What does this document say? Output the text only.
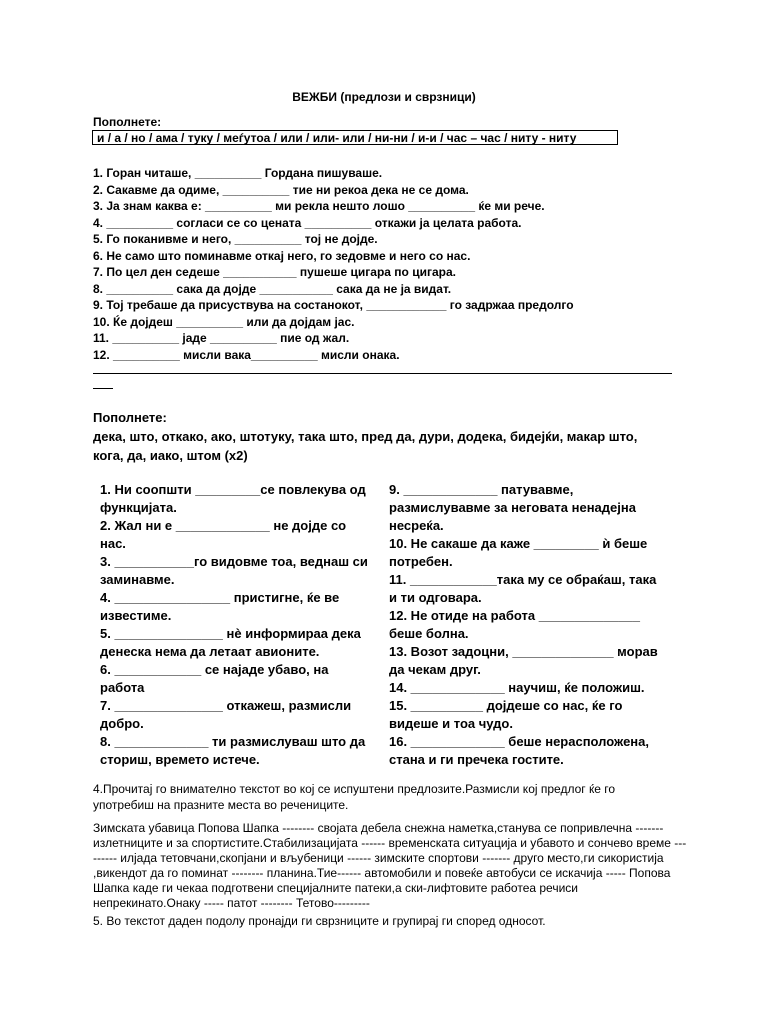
ВЕЖБИ (предлози и сврзници)
Пополнете:
и / а / но / ама / туку / меѓутоа / или / или- или / ни-ни / и-и / час – час / ниту - ниту
1. Горан читаше, __________ Гордана пишуваше.
2. Сакавме да одиме, __________ тие ни рекоа дека не се дома.
3. Ја знам каква е: __________ ми рекла нешто лошо __________ ќе ми рече.
4. __________ согласи се со цената __________ откажи ја целата работа.
5. Го поканивме и него, __________ тој не дојде.
6. Не само што поминавме откај него, го зедовме и него со нас.
7. По цел ден седеше ___________ пушеше цигара по цигара.
8. __________ сака да дојде ___________ сака да не ја видат.
9. Тој требаше да присуствува на состанокот, ____________ го задржаа предолго
10. Ќе дојдеш __________ или да дојдам јас.
11. __________ јаде __________ пие од жал.
12. __________ мисли вака__________ мисли онака.
Пополнете:
дека, што, откако, ако, штотуку, така што, пред да, дури, додека, бидејќи, макар што, кога, да, иако, штом (x2)
1. Ни соопшти _________се повлекува од функцијата.
2. Жал ни е _____________ не дојде со нас.
3. ___________го видовме тоа, веднаш си заминавме.
4. ________________ пристигне, ќе ве известиме.
5. _______________ нè информираа дека денеска нема да летаат авионите.
6. ____________ се најаде убаво, на работа
7. _______________ откажеш, размисли добро.
8. _____________ ти размислуваш што да сториш, времето истече.
9. _____________ патувавме, размислувавме за неговата ненадејна несреќа.
10. Не сакаше да каже _________ ѝ беше потребен.
11. ____________така му се обраќаш, така и ти одговара.
12. Не отиде на работа ______________ беше болна.
13. Возот задоцни, ______________ морав да чекам друг.
14. _____________ научиш, ќе положиш.
15. __________ дојдеше со нас, ќе го видеше и тоа чудо.
16. _____________ беше нерасположена, стана и ги пречека гостите.
4.Прочитај го внимателно текстот во кој се испуштени предлозите.Размисли кој предлог ќе го употребиш на празните места во речениците.
Зимската убавица Попова Шапка -------- својата дебела снежна наметка,станува се попривлечна ------- излетниците и за спортистите.Стабилизацијата ------ временската ситуација и убавото и сончево време --------- илјада тетовчани,скопјани и вљубеници ------ зимските спортови ------- друго место,ги сикористија ,викендот да го поминат -------- планина.Тие------ автомобили и повеќе автобуси се искачија ----- Попова Шапка каде ги чекаа подготвени специјалните патеки,а ски-лифтовите работеа речиси непрекинато.Онаку ----- патот -------- Тетово---------
5. Во текстот даден подолу пронајди ги сврзниците и групирај ги според односот.
